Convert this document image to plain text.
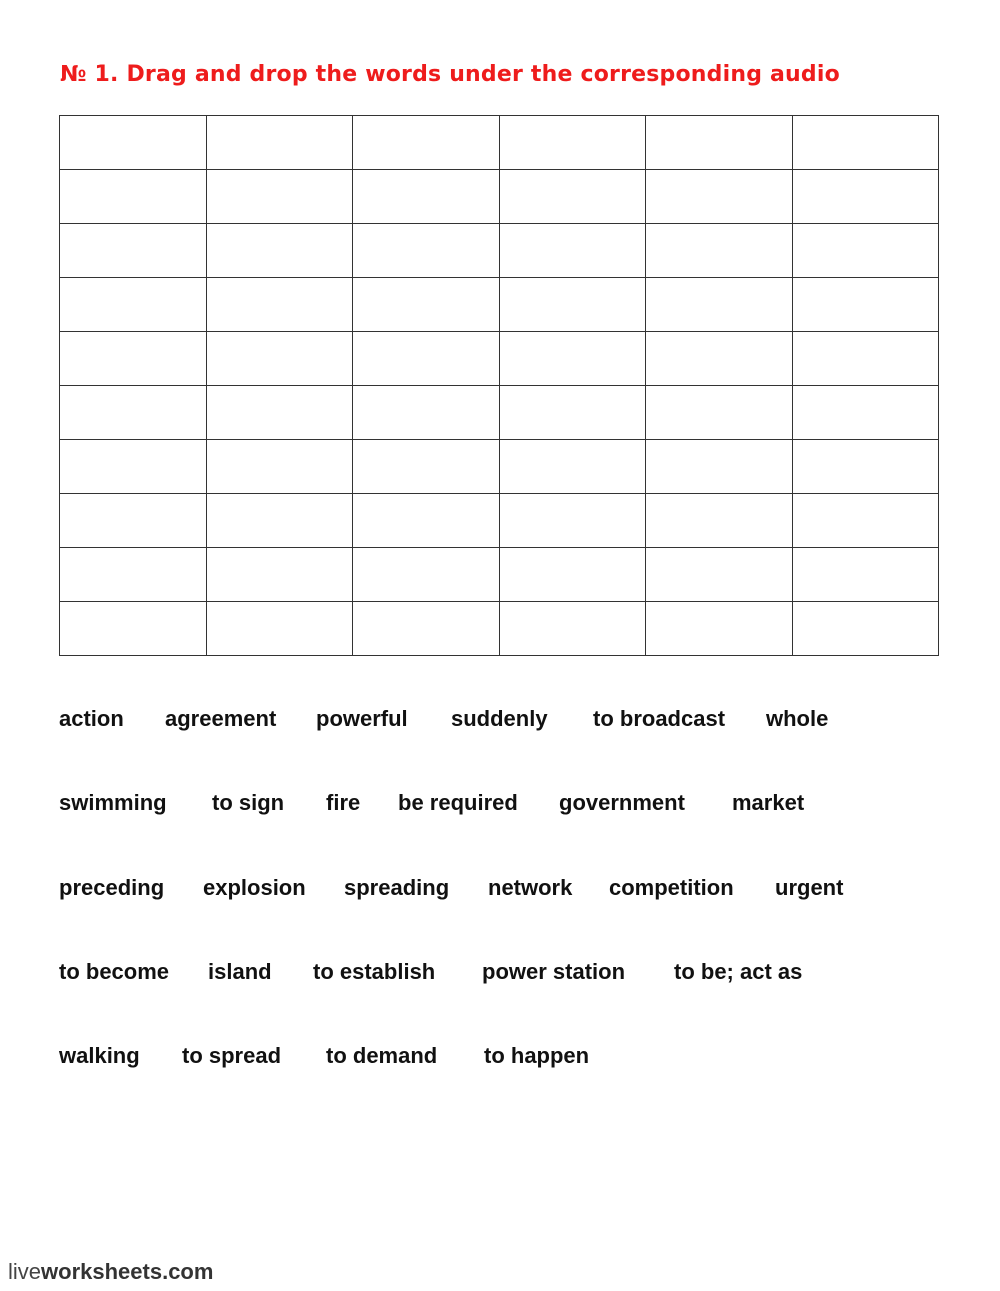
№ 1. Drag and drop the words under the corresponding audio

action agreement powerful suddenly to broadcast whole
swimming to sign fire be required government market
preceding explosion spreading network competition urgent
to become island to establish power station to be; act as
walking to spread to demand to happen
liveworksheets.com
